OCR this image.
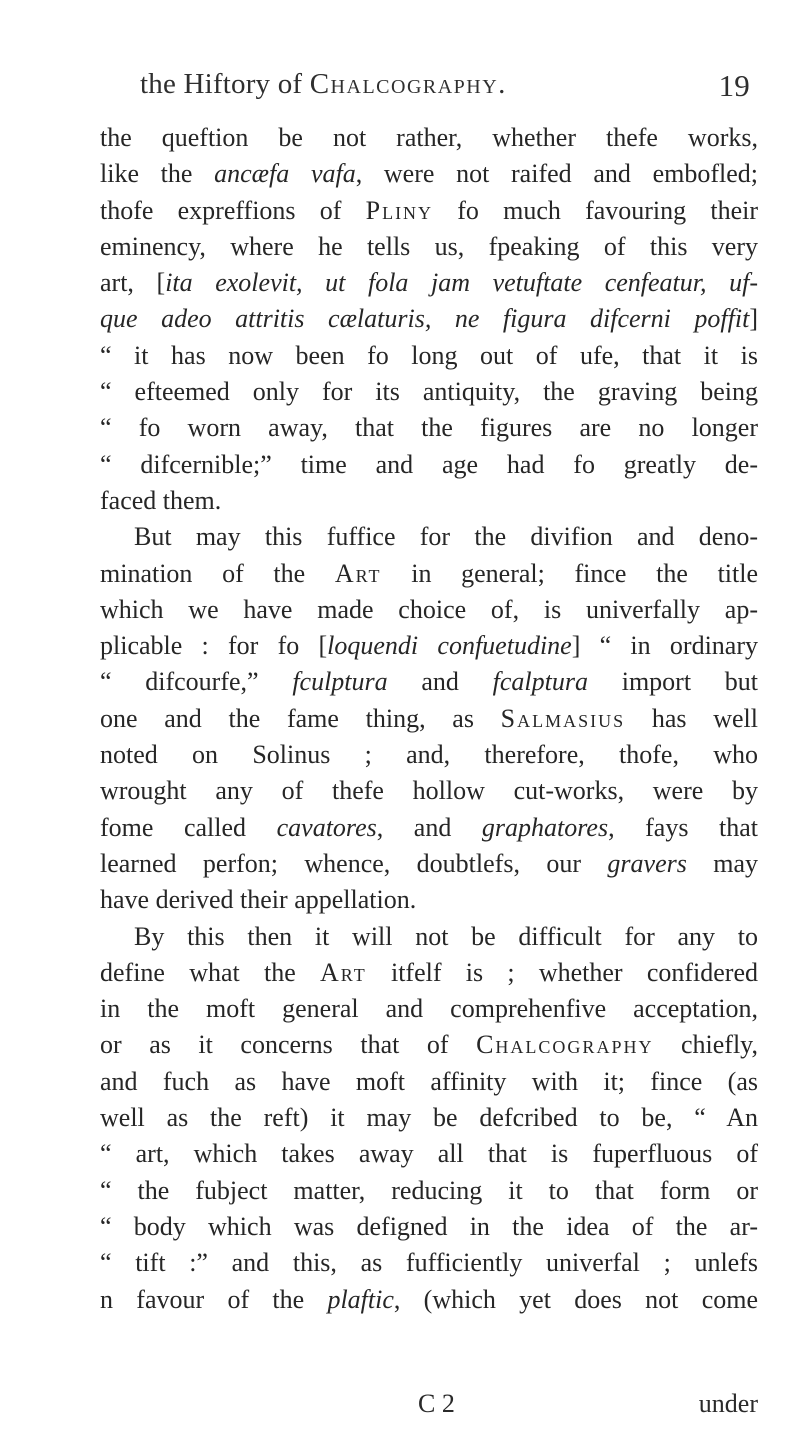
the Hiftory of Chalcography.	19
the queftion be not rather, whether thefe works,
like the ancæfa vafa, were not raifed and embofled;
thofe expreffions of Pliny fo much favouring their
eminency, where he tells us, fpeaking of this very
art, [ita exolevit, ut fola jam vetuftate cenfeatur, uf-
que adeo attritis cælaturis, ne figura difcerni poffit]
“ it has now been fo long out of ufe, that it is
“ efteemed only for its antiquity, the graving being
“ fo worn away, that the figures are no longer
“ difcernible;” time and age had fo greatly de-
faced them.
But may this fuffice for the divifion and deno-
mination of the Art in general; fince the title
which we have made choice of, is univerfally ap-
plicable : for fo [loquendi confuetudine] “ in ordinary
“ difcourfe,” fculptura and fcalptura import but
one and the fame thing, as Salmasius has well
noted on Solinus ; and, therefore, thofe, who
wrought any of thefe hollow cut-works, were by
fome called cavatores, and graphatores, fays that
learned perfon; whence, doubtlefs, our gravers may
have derived their appellation.
By this then it will not be difficult for any to
define what the Art itfelf is ; whether confidered
in the moft general and comprehenfive acceptation,
or as it concerns that of Chalcography chiefly,
and fuch as have moft affinity with it; fince (as
well as the reft) it may be defcribed to be, “ An
“ art, which takes away all that is fuperfluous of
“ the fubject matter, reducing it to that form or
“ body which was defigned in the idea of the ar-
“ tift :” and this, as fufficiently univerfal ; unlefs
n favour of the plaftic, (which yet does not come
C 2	under
